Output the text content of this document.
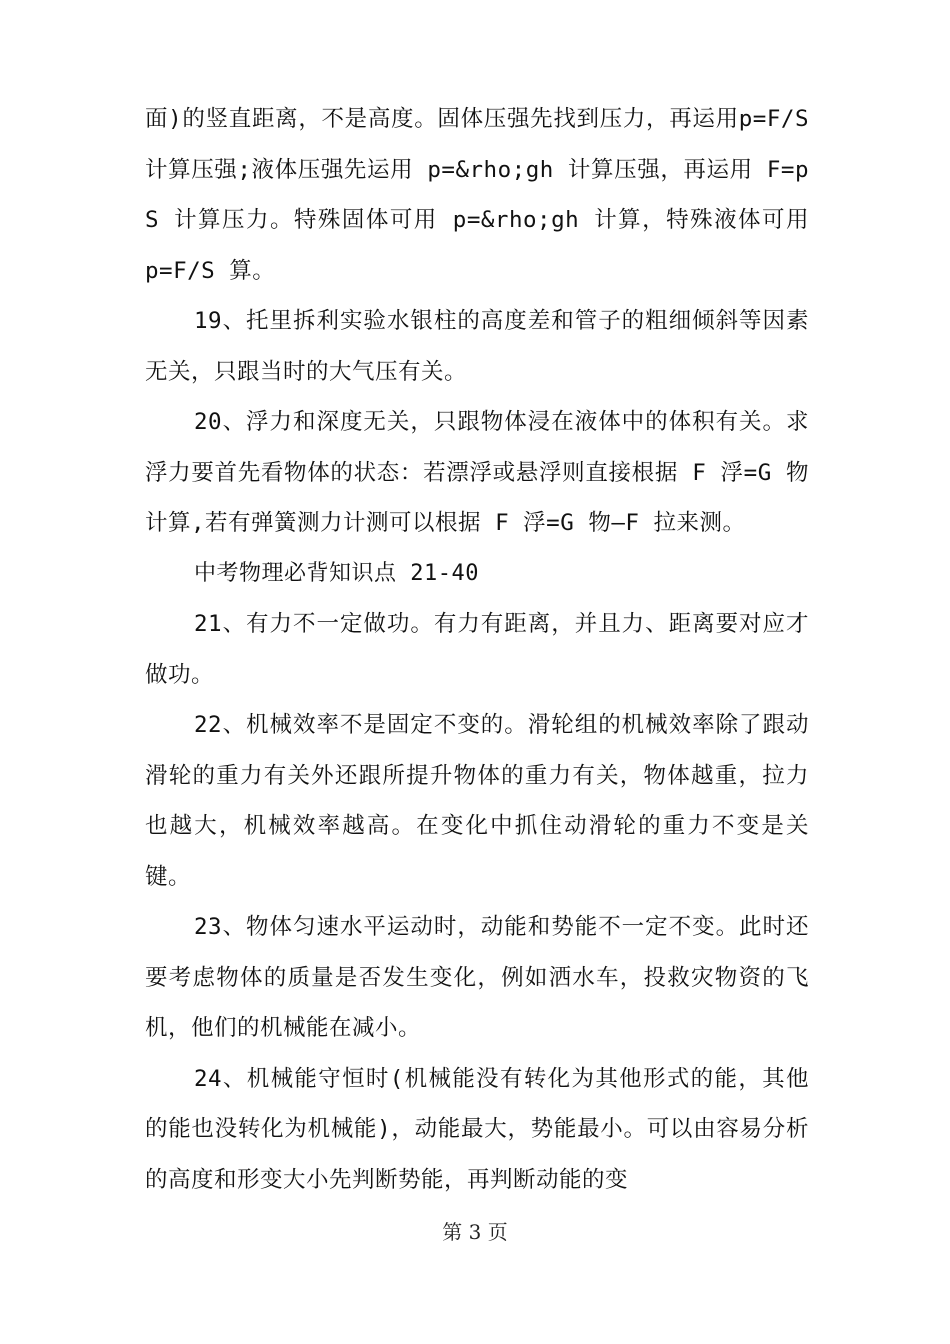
面)的竖直距离，不是高度。固体压强先找到压力，再运用p=F/S 计算压强;液体压强先运用 p=&rho;gh 计算压强，再运用 F=pS 计算压力。特殊固体可用 p=&rho;gh 计算，特殊液体可用 p=F/S 算。

19、托里拆利实验水银柱的高度差和管子的粗细倾斜等因素无关，只跟当时的大气压有关。

20、浮力和深度无关，只跟物体浸在液体中的体积有关。求浮力要首先看物体的状态：若漂浮或悬浮则直接根据 F 浮=G 物计算,若有弹簧测力计测可以根据 F 浮=G 物—F 拉来测。

中考物理必背知识点 21-40

21、有力不一定做功。有力有距离，并且力、距离要对应才做功。

22、机械效率不是固定不变的。滑轮组的机械效率除了跟动滑轮的重力有关外还跟所提升物体的重力有关，物体越重，拉力也越大，机械效率越高。在变化中抓住动滑轮的重力不变是关键。

23、物体匀速水平运动时，动能和势能不一定不变。此时还要考虑物体的质量是否发生变化，例如洒水车，投救灾物资的飞机，他们的机械能在减小。

24、机械能守恒时(机械能没有转化为其他形式的能，其他的能也没转化为机械能)，动能最大，势能最小。可以由容易分析的高度和形变大小先判断势能，再判断动能的变

第 3 页
